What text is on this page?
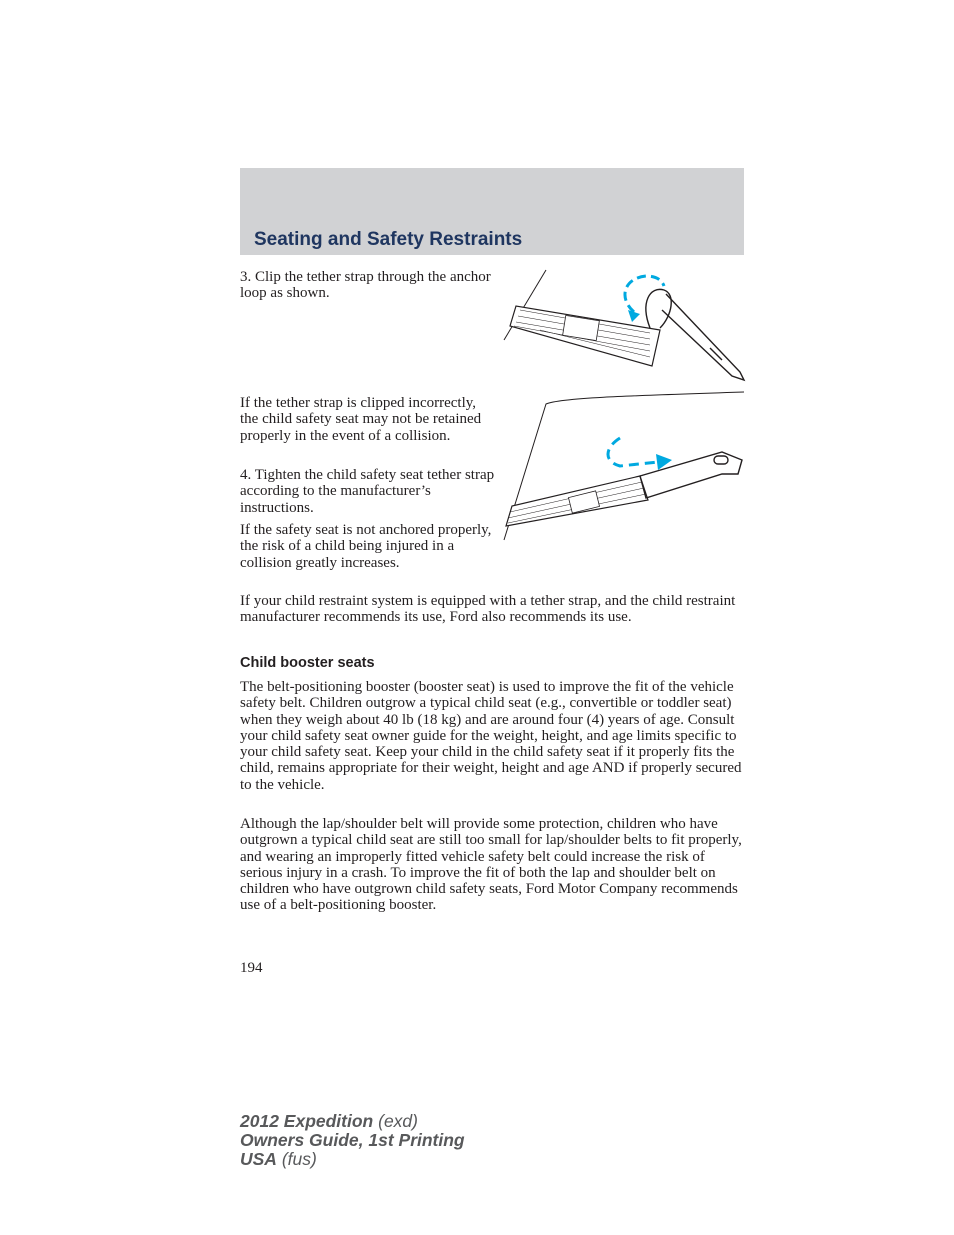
Seating and Safety Restraints

3. Clip the tether strap through the anchor loop as shown.

If the tether strap is clipped incorrectly, the child safety seat may not be retained properly in the event of a collision.

4. Tighten the child safety seat tether strap according to the manufacturer’s instructions.

If the safety seat is not anchored properly, the risk of a child being injured in a collision greatly increases.

If your child restraint system is equipped with a tether strap, and the child restraint manufacturer recommends its use, Ford also recommends its use.

Child booster seats

The belt-positioning booster (booster seat) is used to improve the fit of the vehicle safety belt. Children outgrow a typical child seat (e.g., convertible or toddler seat) when they weigh about 40 lb (18 kg) and are around four (4) years of age. Consult your child safety seat owner guide for the weight, height, and age limits specific to your child safety seat. Keep your child in the child safety seat if it properly fits the child, remains appropriate for their weight, height and age AND if properly secured to the vehicle.

Although the lap/shoulder belt will provide some protection, children who have outgrown a typical child seat are still too small for lap/shoulder belts to fit properly, and wearing an improperly fitted vehicle safety belt could increase the risk of serious injury in a crash. To improve the fit of both the lap and shoulder belt on children who have outgrown child safety seats, Ford Motor Company recommends use of a belt-positioning booster.

194
2012 Expedition (exd)
Owners Guide, 1st Printing
USA (fus)
